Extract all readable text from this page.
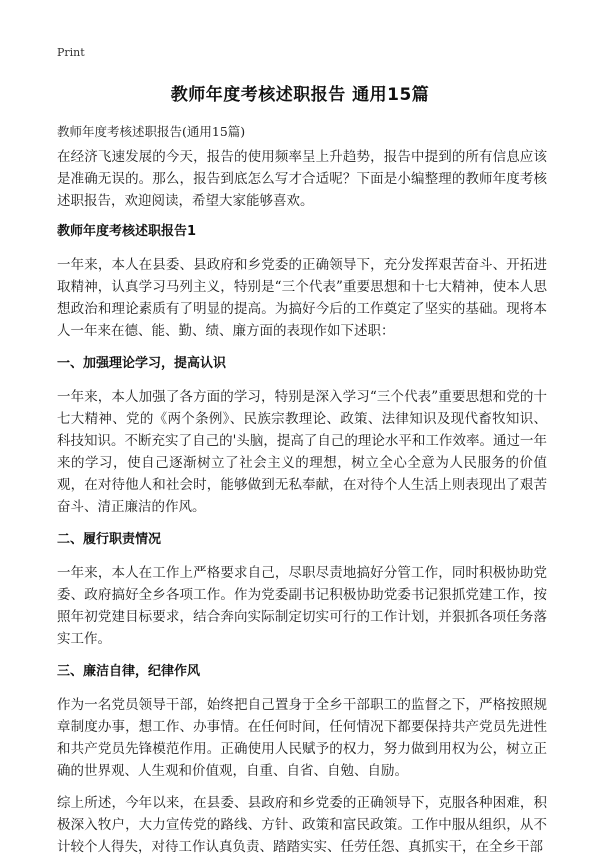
Print
教师年度考核述职报告 通用15篇
教师年度考核述职报告(通用15篇)

在经济飞速发展的今天，报告的使用频率呈上升趋势，报告中提到的所有信息应该是准确无误的。那么，报告到底怎么写才合适呢？下面是小编整理的教师年度考核述职报告，欢迎阅读，希望大家能够喜欢。

教师年度考核述职报告1

一年来，本人在县委、县政府和乡党委的正确领导下，充分发挥艰苦奋斗、开拓进取精神，认真学习马列主义，特别是“三个代表”重要思想和十七大精神，使本人思想政治和理论素质有了明显的提高。为搞好今后的工作奠定了坚实的基础。现将本人一年来在德、能、勤、绩、廉方面的表现作如下述职：

一、加强理论学习，提高认识

一年来，本人加强了各方面的学习，特别是深入学习“三个代表”重要思想和党的十七大精神、党的《两个条例》、民族宗教理论、政策、法律知识及现代畜牧知识、科技知识。不断充实了自己的'头脑，提高了自己的理论水平和工作效率。通过一年来的学习，使自己逐渐树立了社会主义的理想，树立全心全意为人民服务的价值观，在对待他人和社会时，能够做到无私奉献，在对待个人生活上则表现出了艰苦奋斗、清正廉洁的作风。

二、履行职责情况

一年来，本人在工作上严格要求自己，尽职尽责地搞好分管工作，同时积极协助党委、政府搞好全乡各项工作。作为党委副书记积极协助党委书记狠抓党建工作，按照年初党建目标要求，结合奔向实际制定切实可行的工作计划，并狠抓各项任务落实工作。

三、廉洁自律，纪律作风

作为一名党员领导干部，始终把自己置身于全乡干部职工的监督之下，严格按照规章制度办事，想工作、办事情。在任何时间，任何情况下都要保持共产党员先进性和共产党员先锋模范作用。正确使用人民赋予的权力，努力做到用权为公，树立正确的世界观、人生观和价值观，自重、自省、自勉、自励。

综上所述，今年以来，在县委、县政府和乡党委的正确领导下，克服各种困难，积极深入牧户，大力宣传党的路线、方针、政策和富民政策。工作中服从组织，从不计较个人得失，对待工作认真负责、踏踏实实、任劳任怨、真抓实干，在全乡干部
